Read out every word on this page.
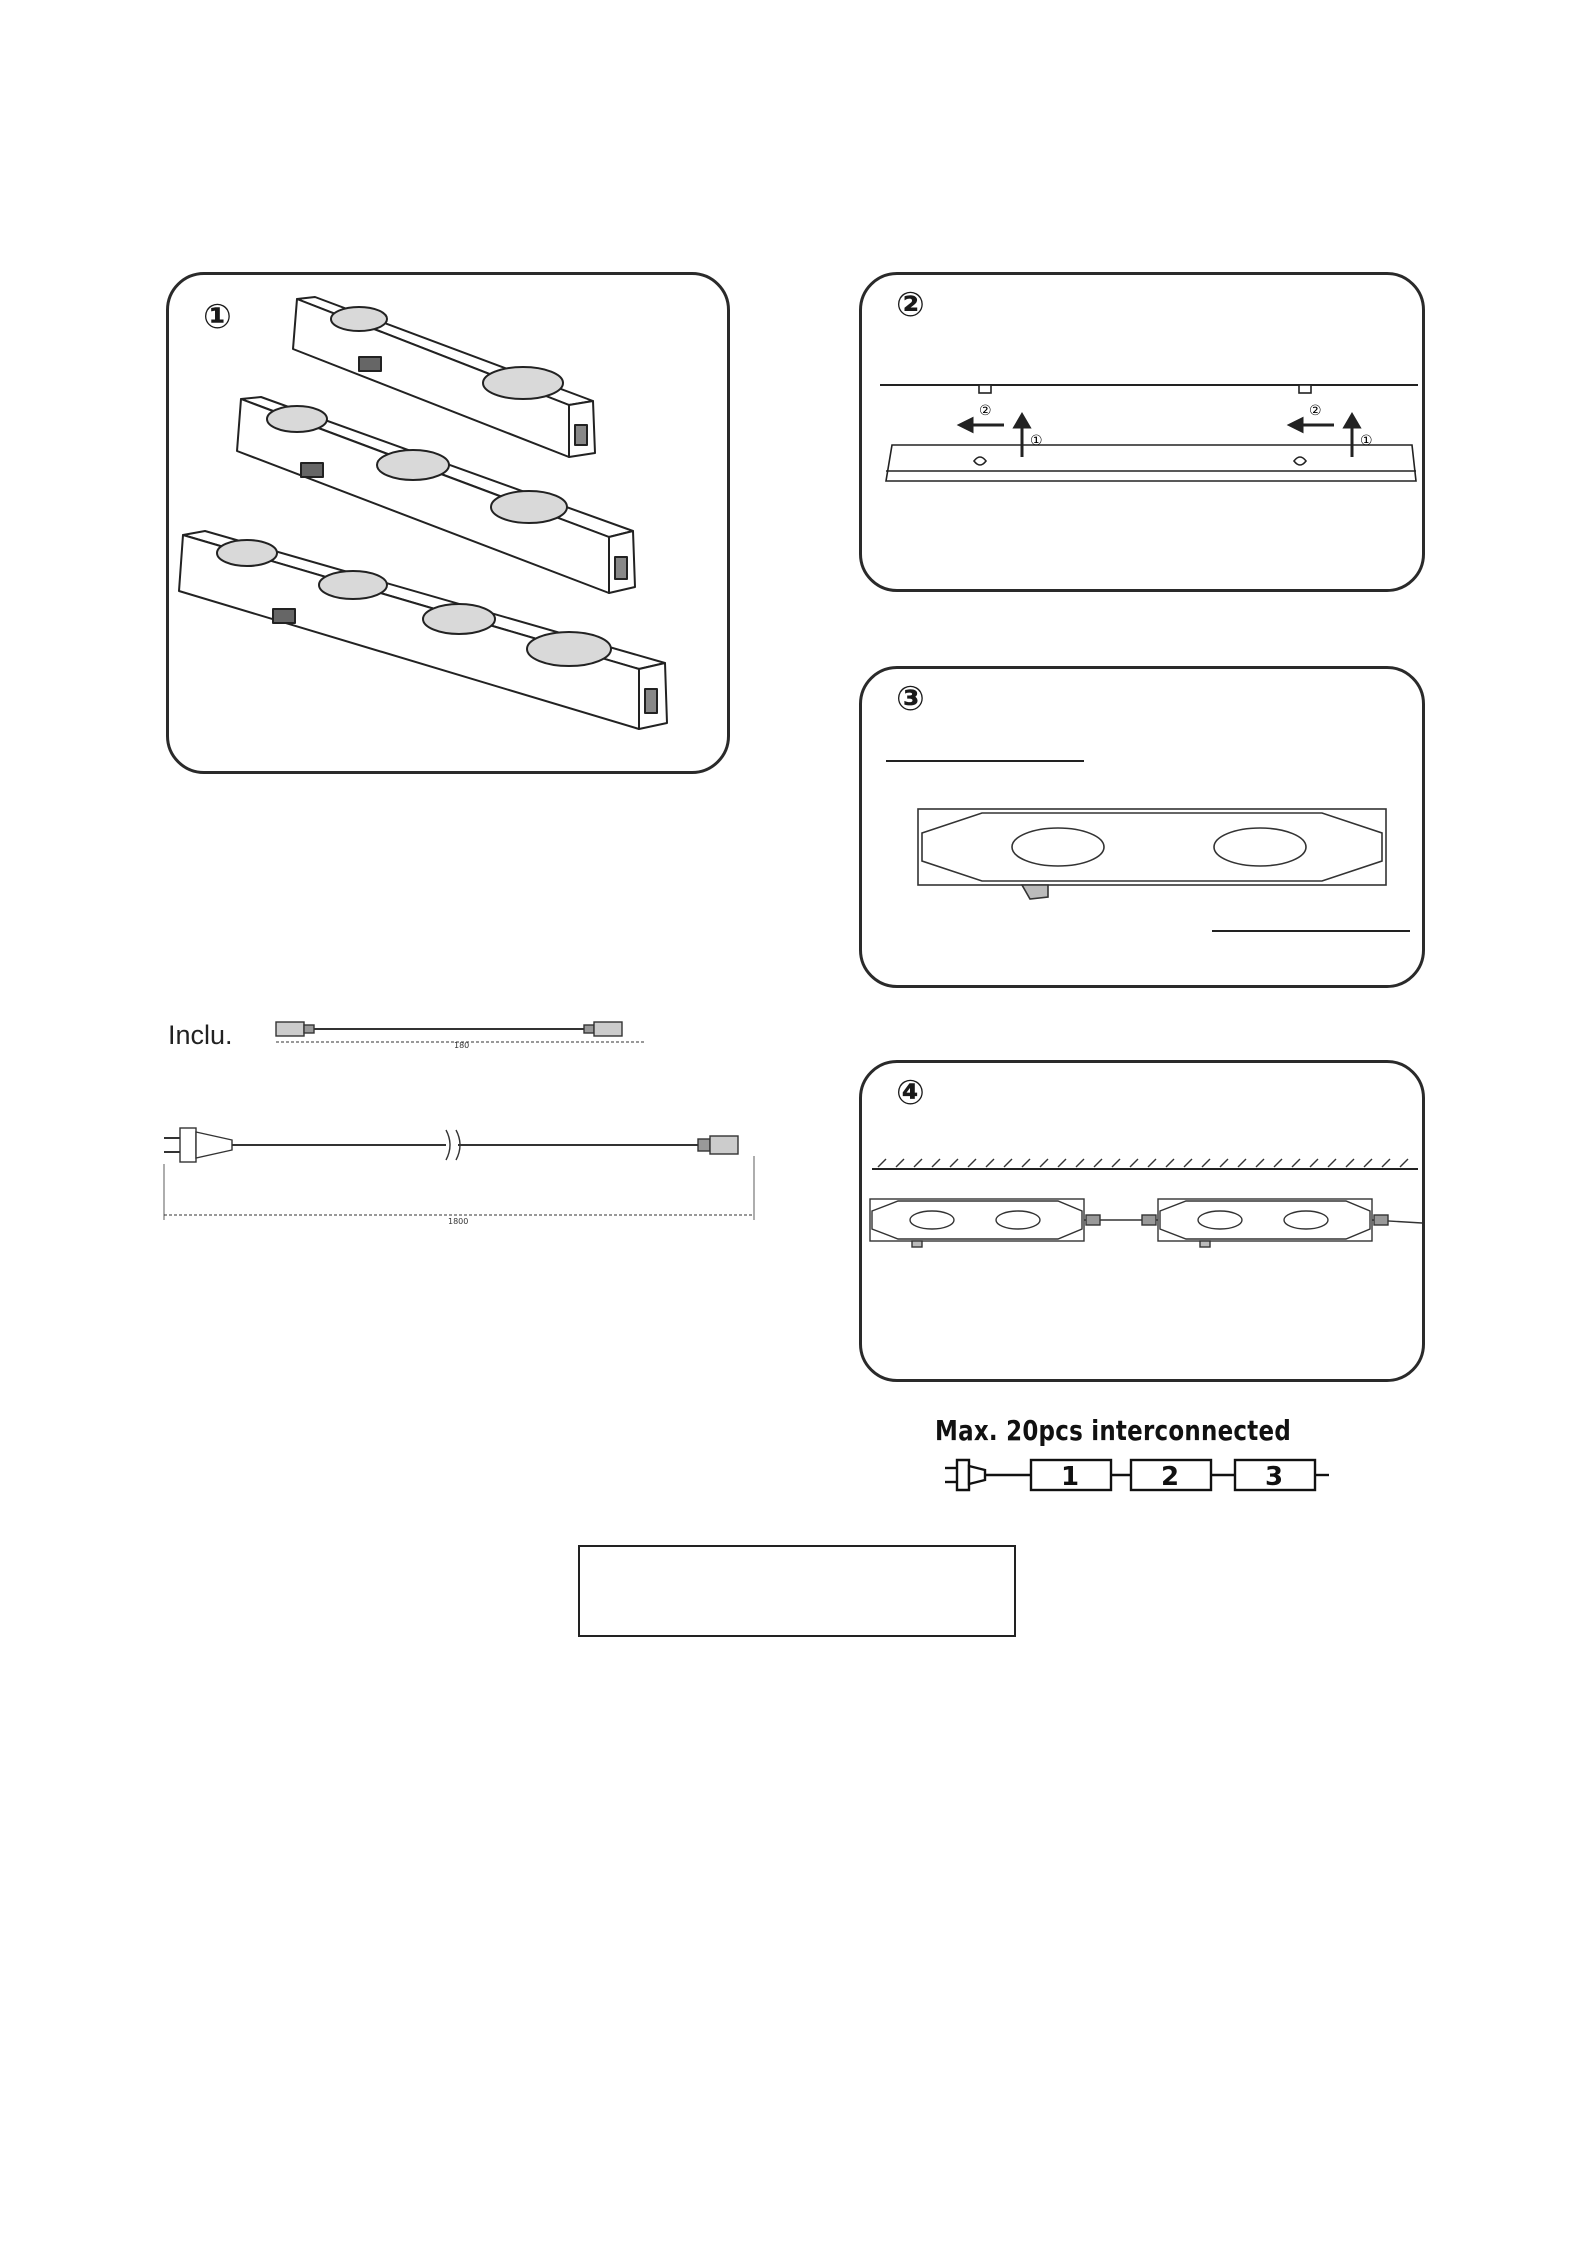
①	②
①
②
①
②
③
④
Inclu.	180
1800
Max. 20pcs interconnected
1	2	3
